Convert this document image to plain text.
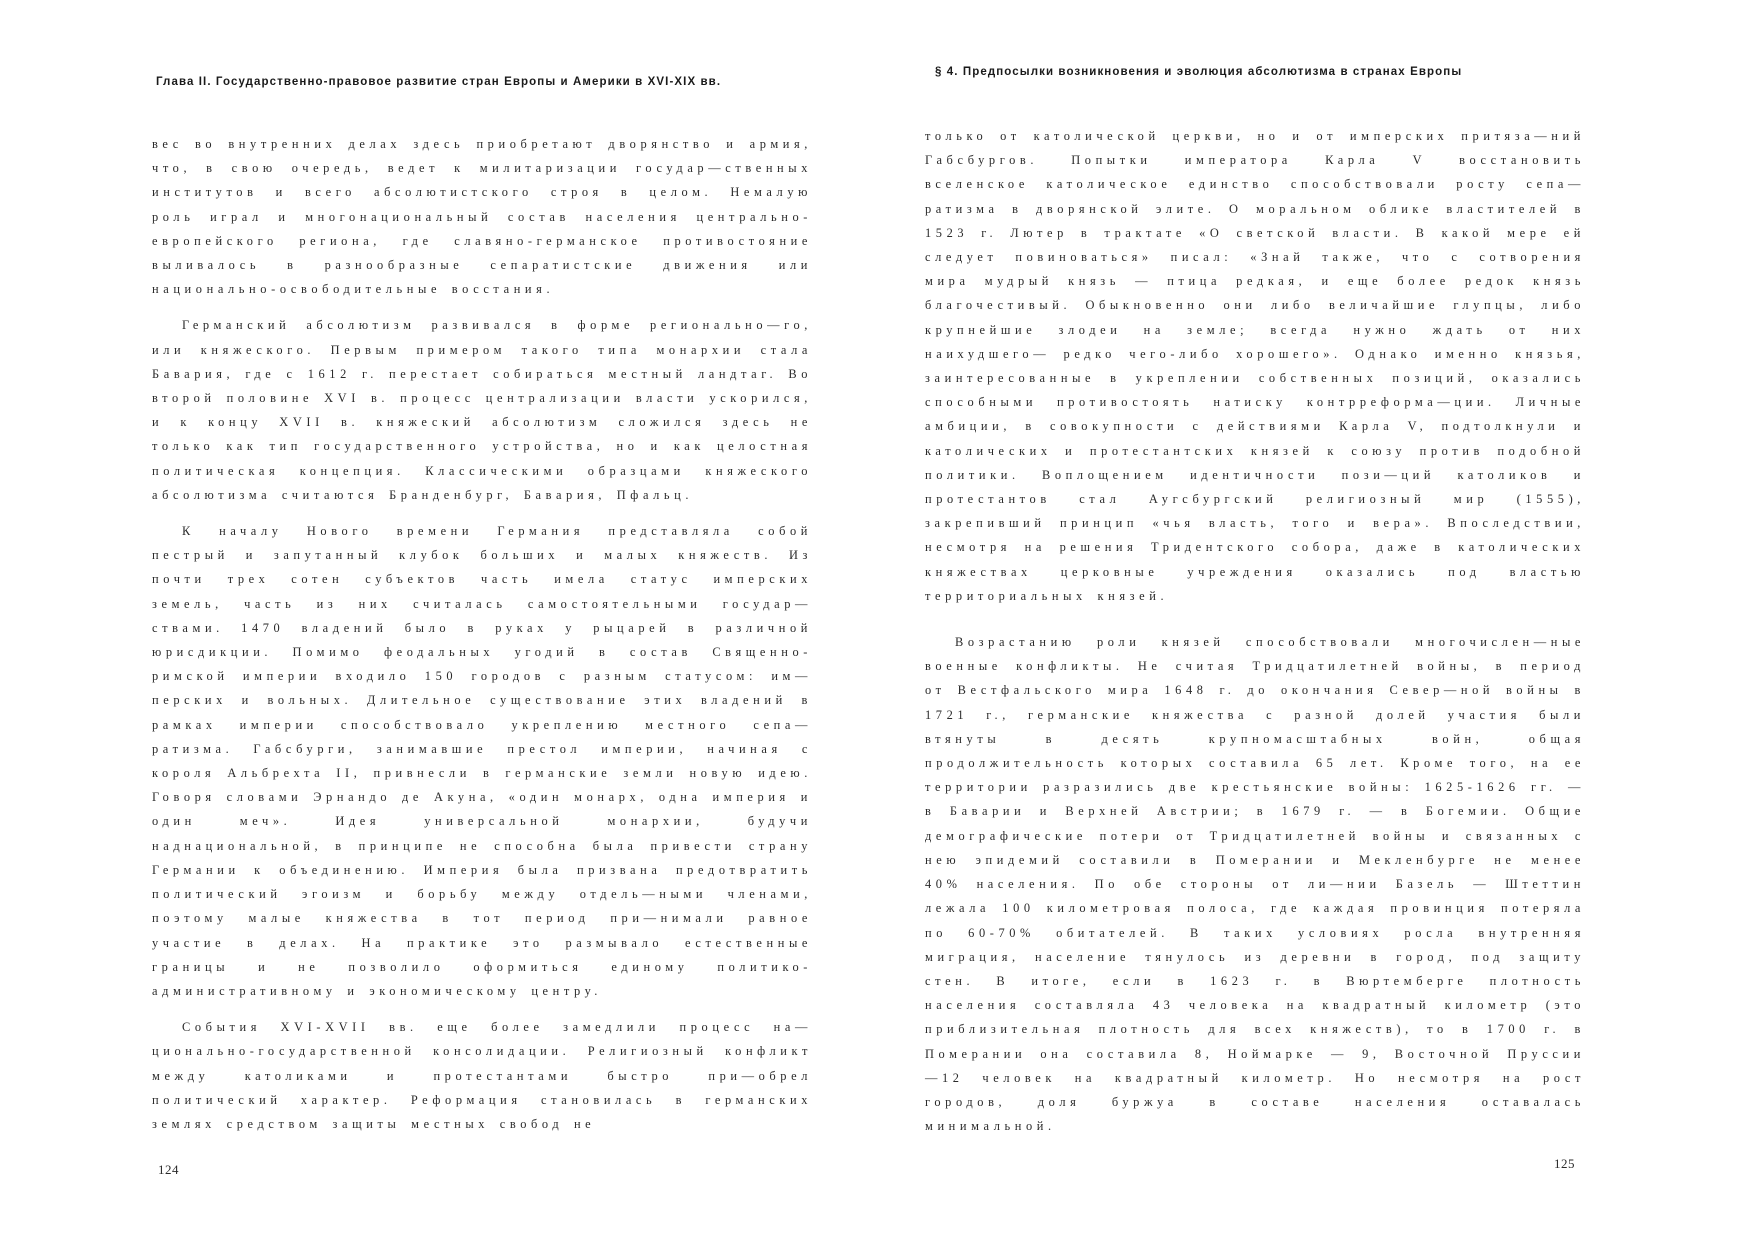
Глава II. Государственно-правовое развитие стран Европы и Америки в XVI-XIX вв.

вес во внутренних делах здесь приобретают дворянство и армия, что, в свою очередь, ведет к милитаризации государ—ственных институтов и всего абсолютистского строя в целом. Немалую роль играл и многонациональный состав населения центрально-европейского региона, где славяно-германское противостояние выливалось в разнообразные сепаратистские движения или национально-освободительные восстания.

Германский абсолютизм развивался в форме регионально—го, или княжеского. Первым примером такого типа монархии стала Бавария, где с 1612 г. перестает собираться местный ландтаг. Во второй половине XVI в. процесс централизации власти ускорился, и к концу XVII в. княжеский абсолютизм сложился здесь не только как тип государственного устройства, но и как целостная политическая концепция. Классическими образцами княжеского абсолютизма считаются Бранденбург, Бавария, Пфальц.

К началу Нового времени Германия представляла собой пестрый и запутанный клубок больших и малых княжеств. Из почти трех сотен субъектов часть имела статус имперских земель, часть из них считалась самостоятельными государ—ствами. 1470 владений было в руках у рыцарей в различной юрисдикции. Помимо феодальных угодий в состав Священно-римской империи входило 150 городов с разным статусом: им—перских и вольных. Длительное существование этих владений в рамках империи способствовало укреплению местного сепа—ратизма. Габсбурги, занимавшие престол империи, начиная с короля Альбрехта II, привнесли в германские земли новую идею. Говоря словами Эрнандо де Акуна, «один монарх, одна империя и один меч». Идея универсальной монархии, будучи наднациональной, в принципе не способна была привести страну Германии к объединению. Империя была призвана предотвратить политический эгоизм и борьбу между отдель—ными членами, поэтому малые княжества в тот период при—нимали равное участие в делах. На практике это размывало естественные границы и не позволило оформиться единому политико-административному и экономическому центру.

События XVI-XVII вв. еще более замедлили процесс на—ционально-государственной консолидации. Религиозный конфликт между католиками и протестантами быстро при—обрел политический характер. Реформация становилась в германских землях средством защиты местных свобод не

124
§ 4. Предпосылки возникновения и эволюция абсолютизма в странах Европы

только от католической церкви, но и от имперских притяза—ний Габсбургов. Попытки императора Карла V восстановить вселенское католическое единство способствовали росту сепа—ратизма в дворянской элите. О моральном облике властителей в 1523 г. Лютер в трактате «О светской власти. В какой мере ей следует повиноваться» писал: «Знай также, что с сотворения мира мудрый князь — птица редкая, и еще более редок князь благочестивый. Обыкновенно они либо величайшие глупцы, либо крупнейшие злодеи на земле; всегда нужно ждать от них наихудшего— редко чего-либо хорошего». Однако именно князья, заинтересованные в укреплении собственных позиций, оказались способными противостоять натиску контрреформа—ции. Личные амбиции, в совокупности с действиями Карла V, подтолкнули и католических и протестантских князей к союзу против подобной политики. Воплощением идентичности пози—ций католиков и протестантов стал Аугсбургский религиозный мир (1555), закрепивший принцип «чья власть, того и вера». Впоследствии, несмотря на решения Тридентского собора, даже в католических княжествах церковные учреждения оказались под властью территориальных князей.

Возрастанию роли князей способствовали многочислен—ные военные конфликты. Не считая Тридцатилетней войны, в период от Вестфальского мира 1648 г. до окончания Север—ной войны в 1721 г., германские княжества с разной долей участия были втянуты в десять крупномасштабных войн, общая продолжительность которых составила 65 лет. Кроме того, на ее территории разразились две крестьянские войны: 1625-1626 гг. — в Баварии и Верхней Австрии; в 1679 г. — в Богемии. Общие демографические потери от Тридцатилетней войны и связанных с нею эпидемий составили в Померании и Мекленбурге не менее 40% населения. По обе стороны от ли—нии Базель — Штеттин лежала 100 километровая полоса, где каждая провинция потеряла по 60-70% обитателей. В таких условиях росла внутренняя миграция, население тянулось из деревни в город, под защиту стен. В итоге, если в 1623 г. в Вюртемберге плотность населения составляла 43 человека на квадратный километр (это приблизительная плотность для всех княжеств), то в 1700 г. в Померании она составила 8, Ноймарке — 9, Восточной Пруссии —12 человек на квадратный километр. Но несмотря на рост городов, доля буржуа в составе населения оставалась минимальной.

125
